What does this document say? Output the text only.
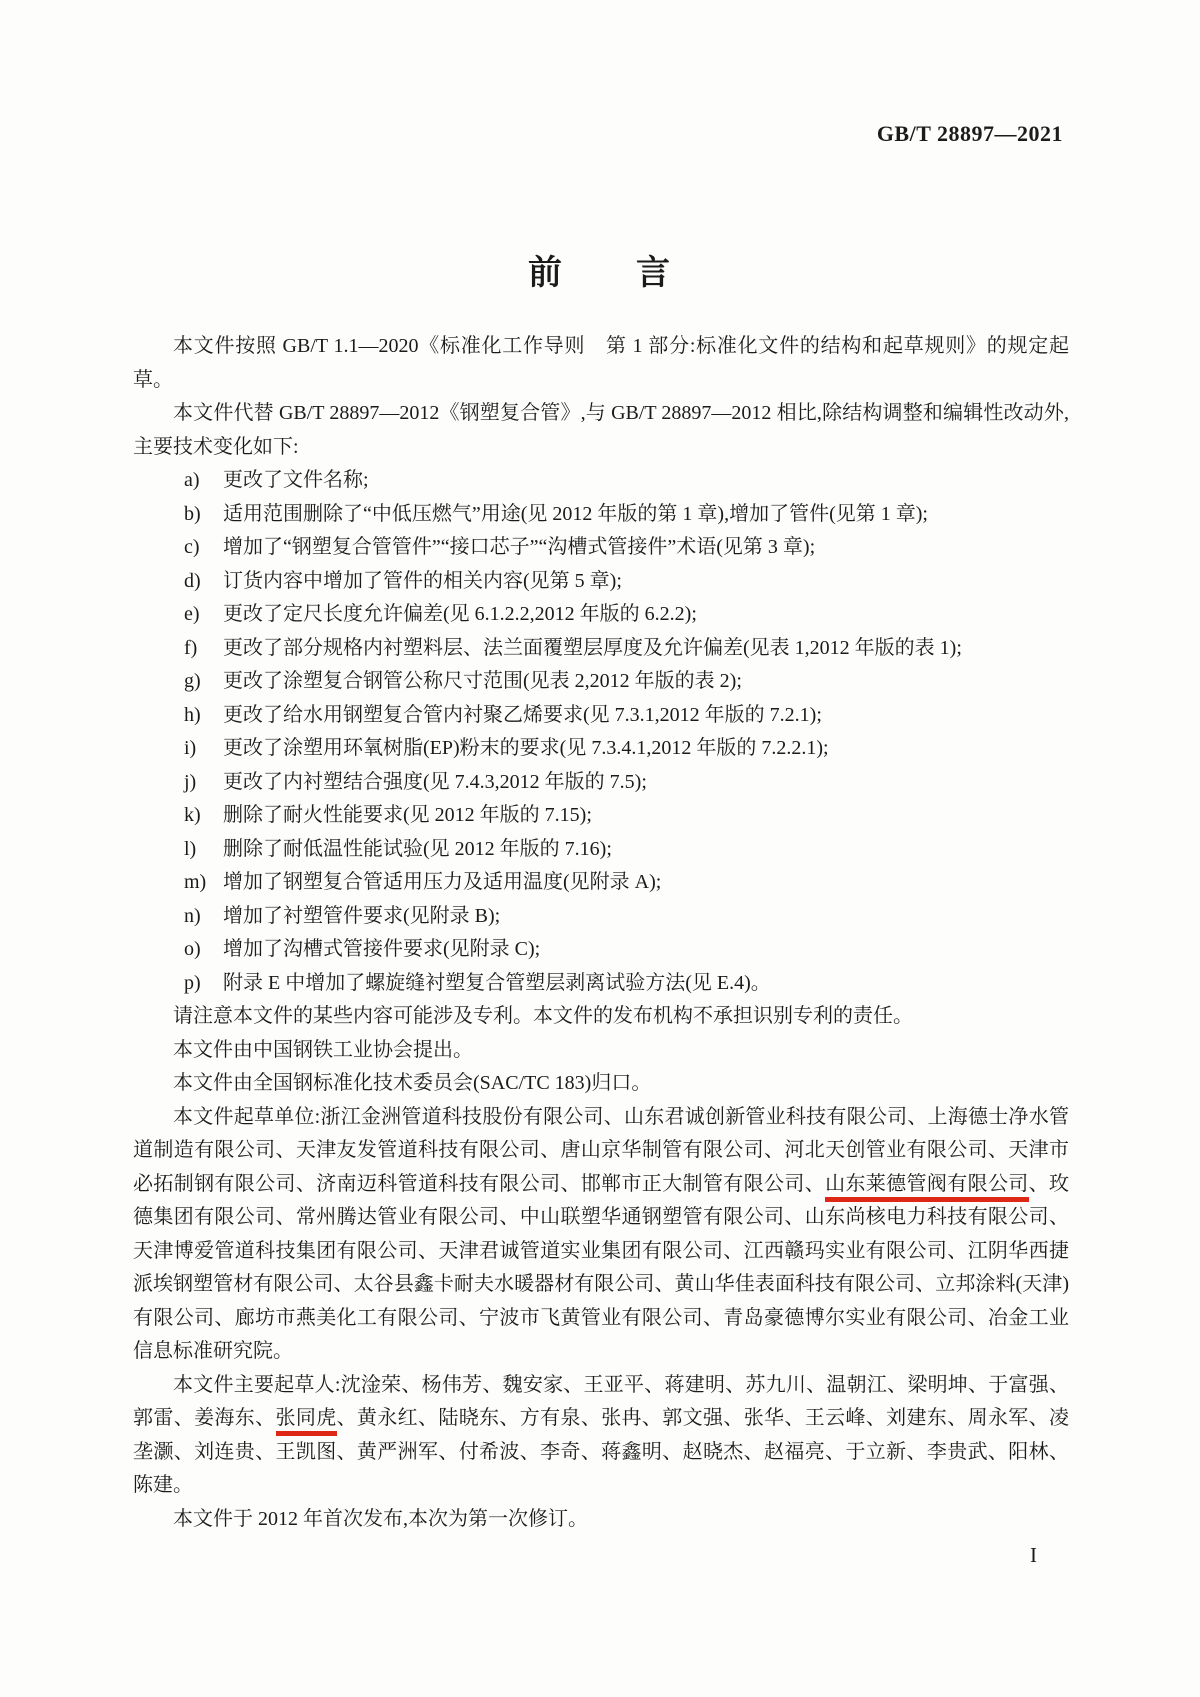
GB/T 28897—2021
前　　言

本文件按照 GB/T 1.1—2020《标准化工作导则　第 1 部分:标准化文件的结构和起草规则》的规定起草。

本文件代替 GB/T 28897—2012《钢塑复合管》,与 GB/T 28897—2012 相比,除结构调整和编辑性改动外,主要技术变化如下:

a) 更改了文件名称;
b) 适用范围删除了“中低压燃气”用途(见 2012 年版的第 1 章),增加了管件(见第 1 章);
c) 增加了“钢塑复合管管件”“接口芯子”“沟槽式管接件”术语(见第 3 章);
d) 订货内容中增加了管件的相关内容(见第 5 章);
e) 更改了定尺长度允许偏差(见 6.1.2.2,2012 年版的 6.2.2);
f) 更改了部分规格内衬塑料层、法兰面覆塑层厚度及允许偏差(见表 1,2012 年版的表 1);
g) 更改了涂塑复合钢管公称尺寸范围(见表 2,2012 年版的表 2);
h) 更改了给水用钢塑复合管内衬聚乙烯要求(见 7.3.1,2012 年版的 7.2.1);
i) 更改了涂塑用环氧树脂(EP)粉末的要求(见 7.3.4.1,2012 年版的 7.2.2.1);
j) 更改了内衬塑结合强度(见 7.4.3,2012 年版的 7.5);
k) 删除了耐火性能要求(见 2012 年版的 7.15);
l) 删除了耐低温性能试验(见 2012 年版的 7.16);
m) 增加了钢塑复合管适用压力及适用温度(见附录 A);
n) 增加了衬塑管件要求(见附录 B);
o) 增加了沟槽式管接件要求(见附录 C);
p) 附录 E 中增加了螺旋缝衬塑复合管塑层剥离试验方法(见 E.4)。

请注意本文件的某些内容可能涉及专利。本文件的发布机构不承担识别专利的责任。

本文件由中国钢铁工业协会提出。

本文件由全国钢标准化技术委员会(SAC/TC 183)归口。

本文件起草单位:浙江金洲管道科技股份有限公司、山东君诚创新管业科技有限公司、上海德士净水管道制造有限公司、天津友发管道科技有限公司、唐山京华制管有限公司、河北天创管业有限公司、天津市必拓制钢有限公司、济南迈科管道科技有限公司、邯郸市正大制管有限公司、山东莱德管阀有限公司、玫德集团有限公司、常州腾达管业有限公司、中山联塑华通钢塑管有限公司、山东尚核电力科技有限公司、天津博爱管道科技集团有限公司、天津君诚管道实业集团有限公司、江西赣玛实业有限公司、江阴华西捷派埃钢塑管材有限公司、太谷县鑫卡耐夫水暖器材有限公司、黄山华佳表面科技有限公司、立邦涂料(天津)有限公司、廊坊市燕美化工有限公司、宁波市飞黄管业有限公司、青岛豪德博尔实业有限公司、冶金工业信息标准研究院。

本文件主要起草人:沈淦荣、杨伟芳、魏安家、王亚平、蒋建明、苏九川、温朝江、梁明坤、于富强、郭雷、姜海东、张同虎、黄永红、陆晓东、方有泉、张冉、郭文强、张华、王云峰、刘建东、周永军、凌垄灏、刘连贵、王凯图、黄严洲军、付希波、李奇、蒋鑫明、赵晓杰、赵福亮、于立新、李贵武、阳林、陈建。

本文件于 2012 年首次发布,本次为第一次修订。

I
